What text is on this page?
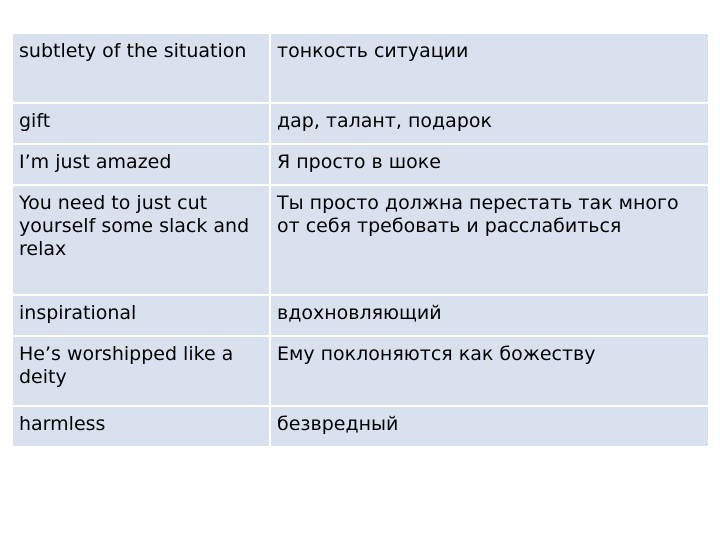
subtlety of the situation	тонкость ситуации
gift	дар, талант, подарок
I’m just amazed	Я просто в шоке
You need to just cut yourself some slack and relax	Ты просто должна перестать так много от себя требовать и расслабиться
inspirational	вдохновляющий
He’s worshipped like a deity	Ему поклоняются как божеству
harmless	безвредный
